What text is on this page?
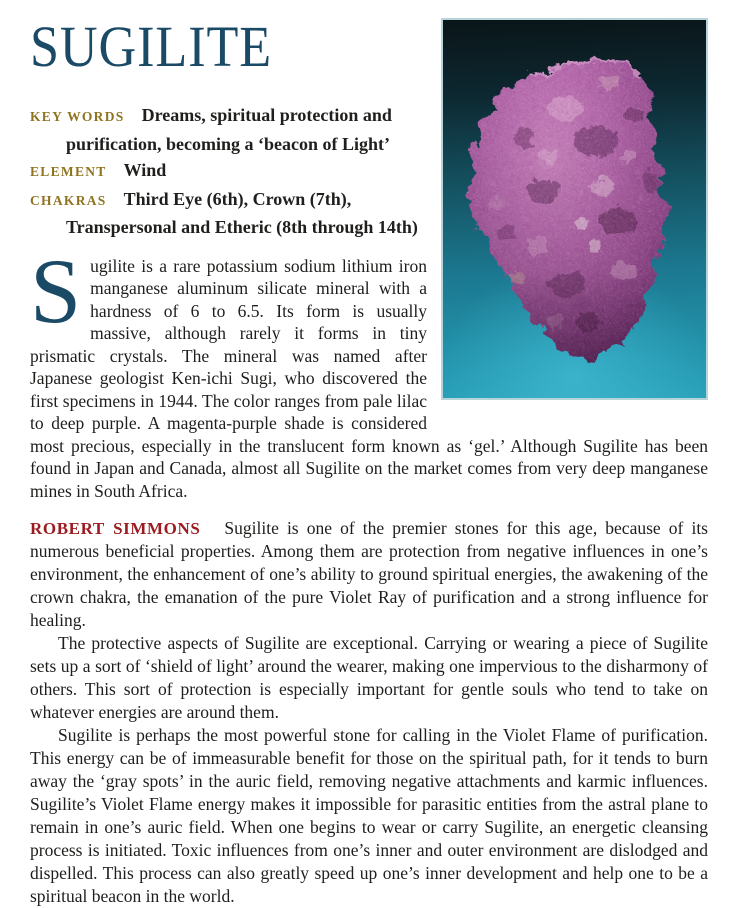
SUGILITE
KEY WORDS Dreams, spiritual protection and purification, becoming a ‘beacon of Light’
ELEMENT Wind
CHAKRAS Third Eye (6th), Crown (7th), Transpersonal and Etheric (8th through 14th)

Sugilite is a rare potassium sodium lithium iron manganese aluminum silicate mineral with a hardness of 6 to 6.5. Its form is usually massive, although rarely it forms in tiny prismatic crystals. The mineral was named after Japanese geologist Ken-ichi Sugi, who discovered the first specimens in 1944. The color ranges from pale lilac to deep purple. A magenta-purple shade is considered most precious, especially in the translucent form known as ‘gel.’ Although Sugilite has been found in Japan and Canada, almost all Sugilite on the market comes from very deep manganese mines in South Africa.

ROBERT SIMMONS Sugilite is one of the premier stones for this age, because of its numerous beneficial properties. Among them are protection from negative influences in one’s environment, the enhancement of one’s ability to ground spiritual energies, the awakening of the crown chakra, the emanation of the pure Violet Ray of purification and a strong influence for healing.

The protective aspects of Sugilite are exceptional. Carrying or wearing a piece of Sugilite sets up a sort of ‘shield of light’ around the wearer, making one impervious to the disharmony of others. This sort of protection is especially important for gentle souls who tend to take on whatever energies are around them.

Sugilite is perhaps the most powerful stone for calling in the Violet Flame of purification. This energy can be of immeasurable benefit for those on the spiritual path, for it tends to burn away the ‘gray spots’ in the auric field, removing negative attachments and karmic influences. Sugilite’s Violet Flame energy makes it impossible for parasitic entities from the astral plane to remain in one’s auric field. When one begins to wear or carry Sugilite, an energetic cleansing process is initiated. Toxic influences from one’s inner and outer environment are dislodged and dispelled. This process can also greatly speed up one’s inner development and help one to be a spiritual beacon in the world.
